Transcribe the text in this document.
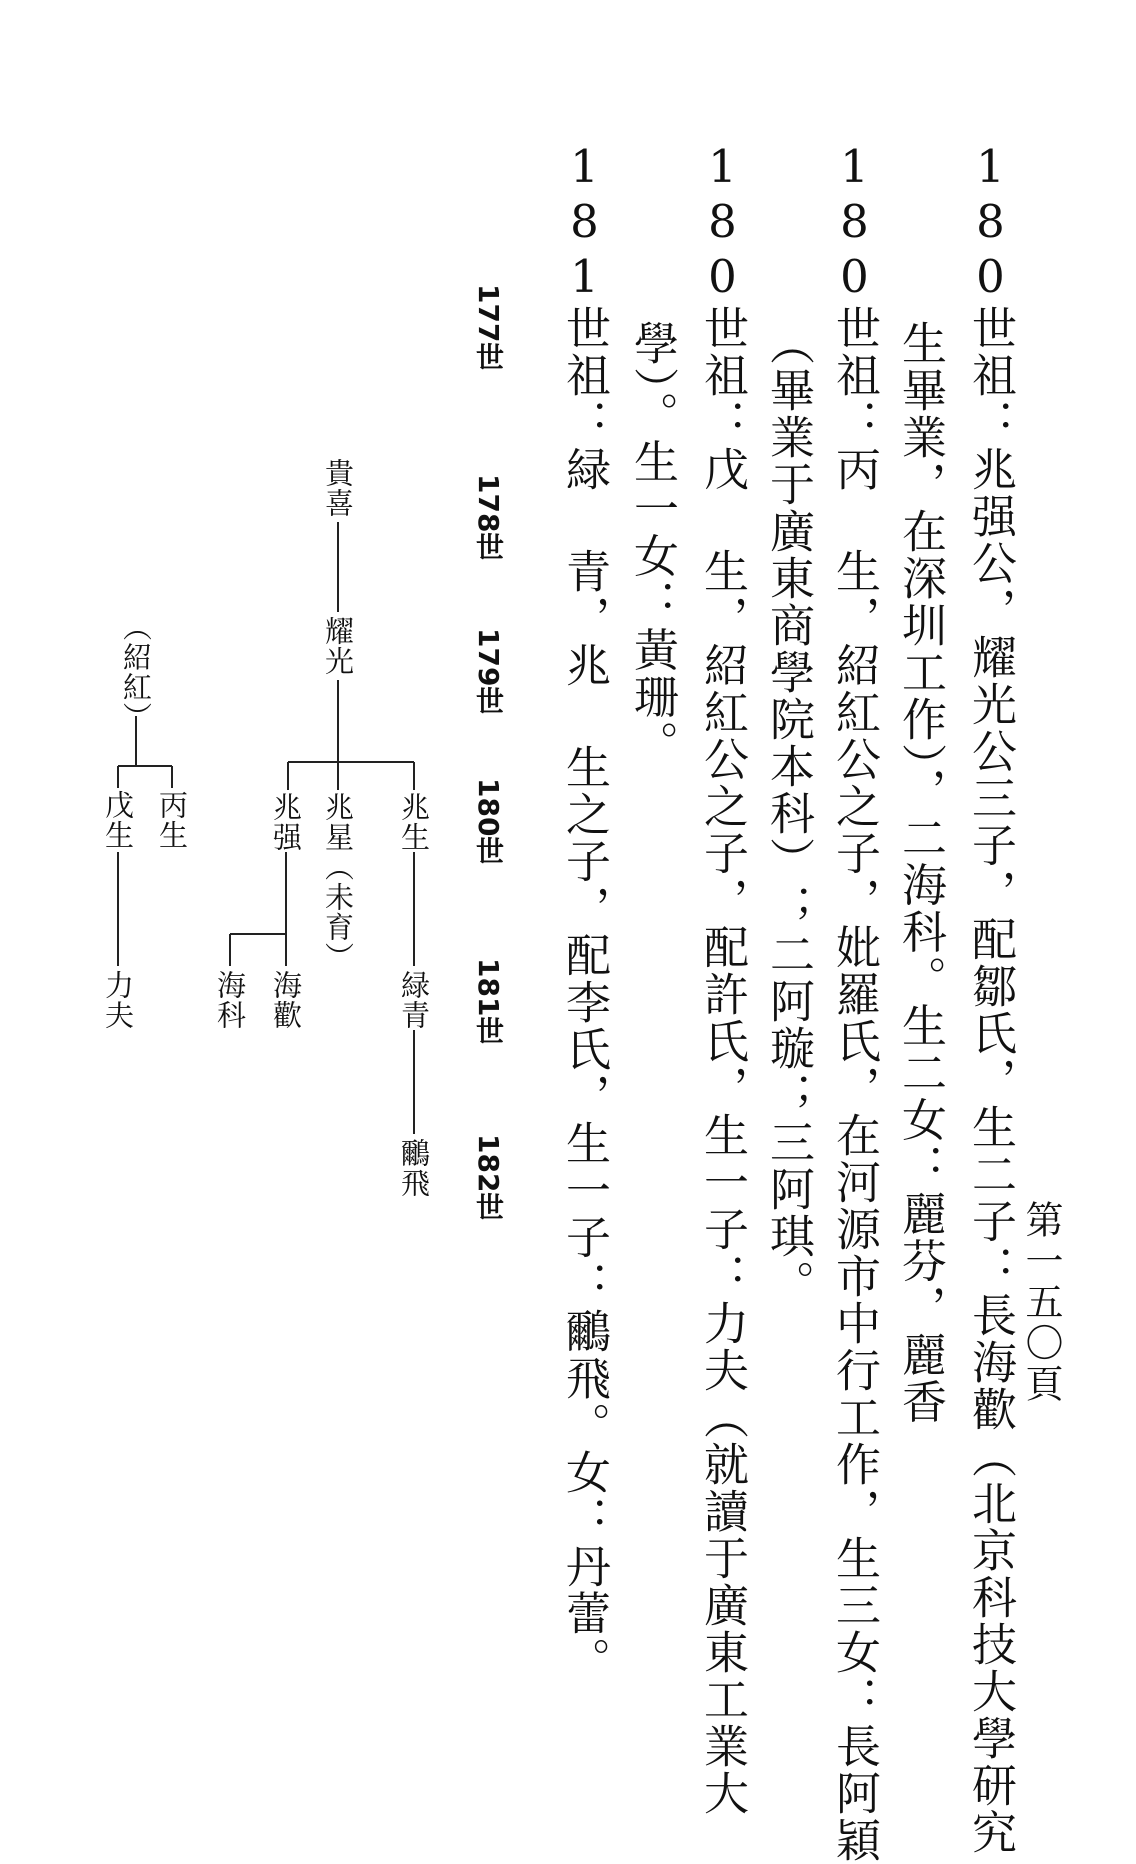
第一五〇頁
180世祖：兆强公，耀光公三子，配鄒氏，生二子：長海歡（北京科技大學研究
生畢業，在深圳工作），二海科。生二女：麗芬，麗香
180世祖：丙 生，紹紅公之子，妣羅氏，在河源市中行工作，生三女：長阿穎
（畢業于廣東商學院本科）；二阿璇；三阿琪。
180世祖：戊 生，紹紅公之子，配許氏，生一子：力夫（就讀于廣東工業大
學）。生一女：黃珊。
181世祖：緑 青，兆 生之子，配李氏，生一子：鸍飛。女：丹蕾。
177世
178世
179世
180世
181世
182世
貴喜
耀光
兆生
兆星（未育）
兆强
緑青
海歡
海科
鸍飛
（紹紅）
丙生
戊生
力夫
